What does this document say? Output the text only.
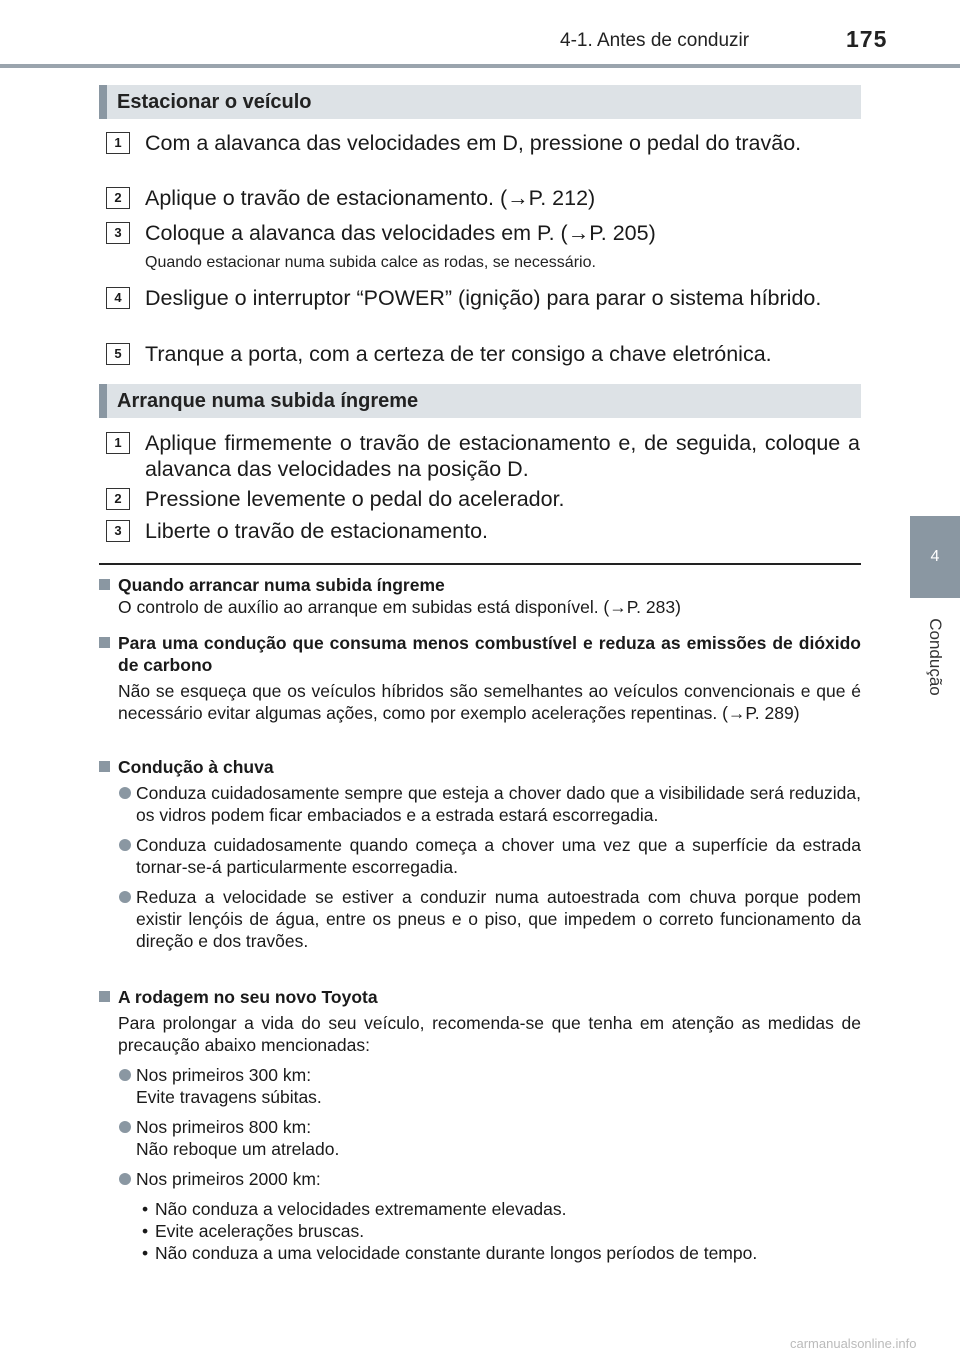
4-1. Antes de conduzir	175
4
Condução
Estacionar o veículo
1	Com a alavanca das velocidades em D, pressione o pedal do travão.
2	Aplique o travão de estacionamento. (→P. 212)
3	Coloque a alavanca das velocidades em P. (→P. 205)
Quando estacionar numa subida calce as rodas, se necessário.
4	Desligue o interruptor “POWER” (ignição) para parar o sistema híbrido.
5	Tranque a porta, com a certeza de ter consigo a chave eletrónica.
Arranque numa subida íngreme
1	Aplique firmemente o travão de estacionamento e, de seguida, coloque a alavanca das velocidades na posição D.
2	Pressione levemente o pedal do acelerador.
3	Liberte o travão de estacionamento.
Quando arrancar numa subida íngreme
O controlo de auxílio ao arranque em subidas está disponível. (→P. 283)
Para uma condução que consuma menos combustível e reduza as emissões de dióxido de carbono
Não se esqueça que os veículos híbridos são semelhantes ao veículos convencionais e que é necessário evitar algumas ações, como por exemplo acelerações repentinas. (→P. 289)
Condução à chuva
Conduza cuidadosamente sempre que esteja a chover dado que a visibilidade será reduzida, os vidros podem ficar embaciados e a estrada estará escorregadia.
Conduza cuidadosamente quando começa a chover uma vez que a superfície da estrada tornar-se-á particularmente escorregadia.
Reduza a velocidade se estiver a conduzir numa autoestrada com chuva porque podem existir lençóis de água, entre os pneus e o piso, que impedem o correto funcionamento da direção e dos travões.
A rodagem no seu novo Toyota
Para prolongar a vida do seu veículo, recomenda-se que tenha em atenção as medidas de precaução abaixo mencionadas:
Nos primeiros 300 km:
Evite travagens súbitas.
Nos primeiros 800 km:
Não reboque um atrelado.
Nos primeiros 2000 km:
• Não conduza a velocidades extremamente elevadas.
• Evite acelerações bruscas.
• Não conduza a uma velocidade constante durante longos períodos de tempo.
carmanualsonline.info
